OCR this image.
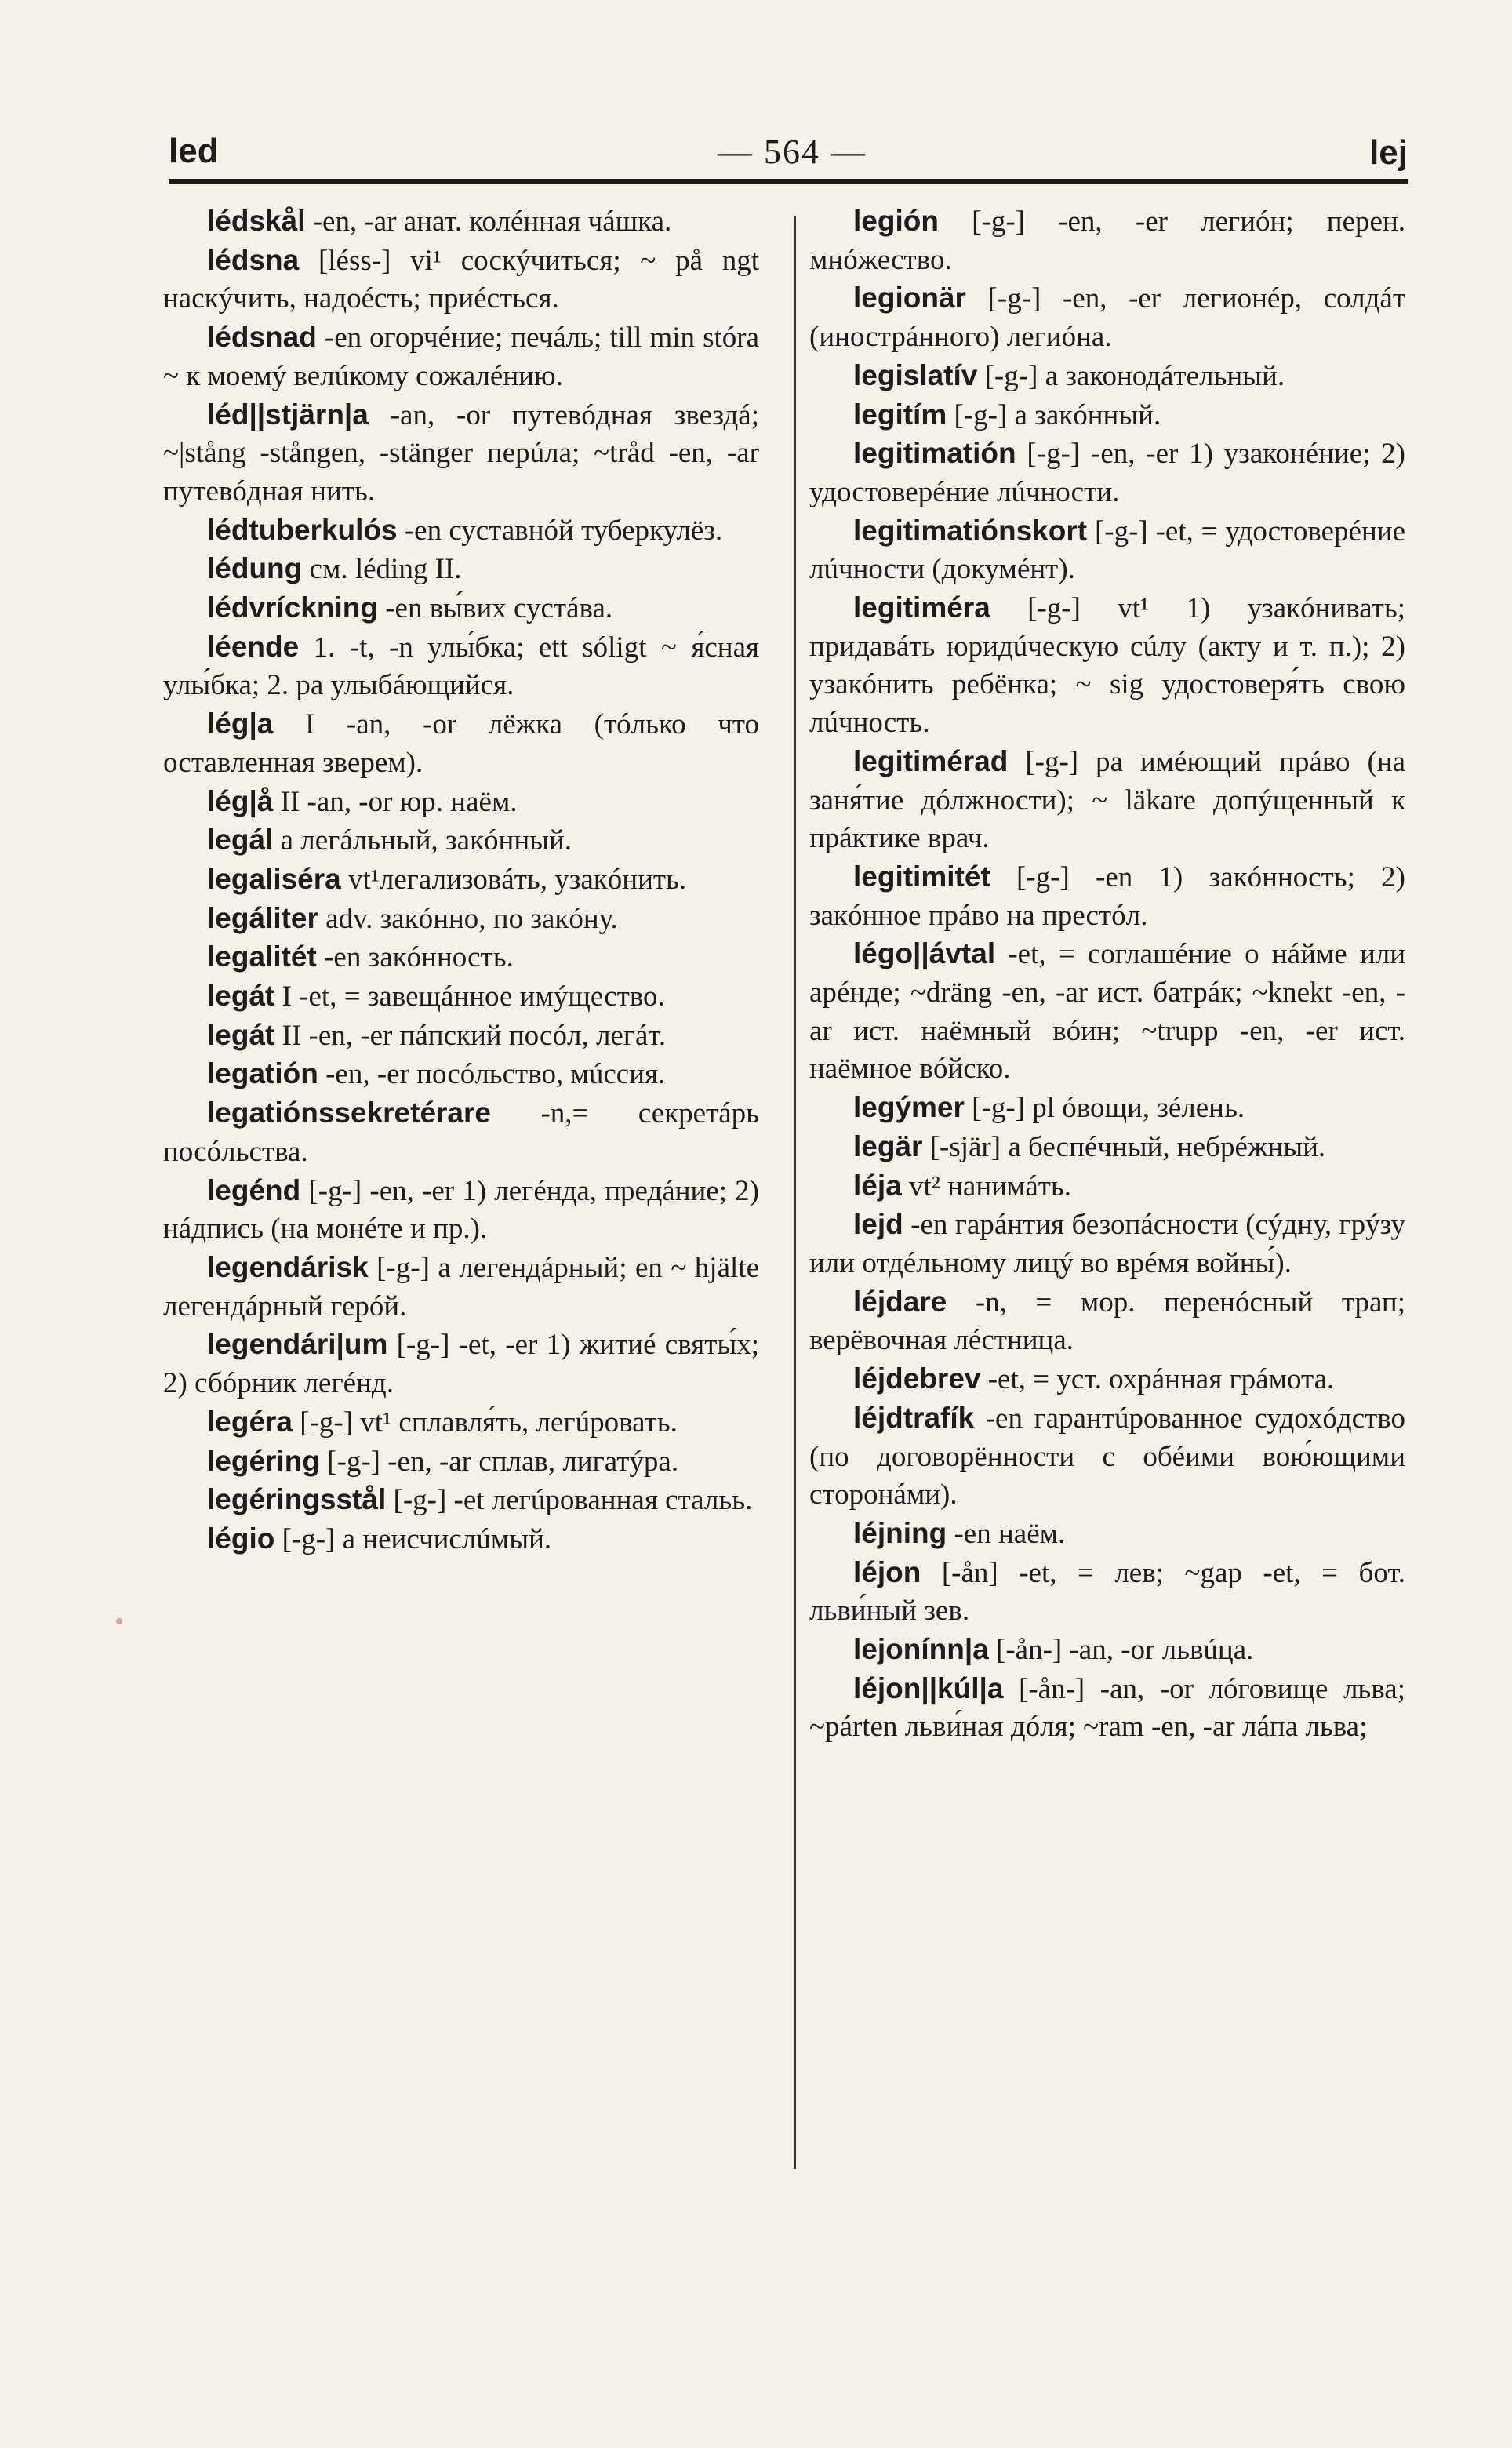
led	— 564 —	lej

lédskål -en, -ar анат. колéнная чáшка.

lédsna [léss-] vi¹ соскýчиться; ~ på ngt наскýчить, надоéсть; приéсться.

lédsnad -en огорчéние; печáль; till min stóra ~ к моемý велúкому сожалéнию.

léd||stjärn|a -an, -or путевóдная звездá; ~|stång -stången, -stänger перúла; ~tråd -en, -ar путевóдная нить.

lédtuberkulós -en суставнóй туберкулёз.

lédung см. léding II.

lédvríckning -en вы́вих сустáва.

léende 1. -t, -n улы́бка; ett sóligt ~ я́сная улы́бка; 2. pa улыбáющийся.

lég|a I -an, -or лёжка (тóлько что оставленная зверем).

lég|å II -an, -or юр. наём.

legál a легáльный, закóнный.

legaliséra vt¹легализовáть, узакóнить.

legáliter adv. закóнно, по закóну.

legalitét -en закóнность.

legát I -et, = завещáнное имýщество.

legát II -en, -er пáпский посóл, легáт.

legatión -en, -er посóльство, мúссия.

legatiónssekretérare -n,= секретáрь посóльства.

legénd [-g-] -en, -er 1) легéнда, предáние; 2) нáдпись (на монéте и пр.).

legendárisk [-g-] a легендáрный; en ~ hjälte легендáрный герóй.

legendári|um [-g-] -et, -er 1) житиé святы́х; 2) сбóрник легéнд.

legéra [-g-] vt¹ сплавля́ть, легúровать.

legéring [-g-] -en, -ar сплав, лигатýра.

legéringsstål [-g-] -et легúрованная стальь.

légio [-g-] a неисчислúмый.

legión [-g-] -en, -er легиóн; перен. мнóжество.

legionär [-g-] -en, -er легионéр, солдáт (инострáнного) легиóна.

legislatív [-g-] a законодáтельный.

legitím [-g-] a закóнный.

legitimatión [-g-] -en, -er 1) узаконéние; 2) удостоверéние лúчности.

legitimatiónskort [-g-] -et, = удостоверéние лúчности (докумéнт).

legitiméra [-g-] vt¹ 1) узакóнивать; придавáть юридúческую сúлу (акту и т. п.); 2) узакóнить ребёнка; ~ sig удостоверя́ть свою лúчность.

legitimérad [-g-] pa имéющий прáво (на заня́тие дóлжности); ~ läkare допýщенный к прáктике врач.

legitimitét [-g-] -en 1) закóнность; 2) закóнное прáво на престóл.

légo||ávtal -et, = соглашéние о нáйме или арéнде; ~dräng -en, -ar ист. батрáк; ~knekt -en, -ar ист. наёмный вóин; ~trupp -en, -er ист. наёмное вóйско.

legýmer [-g-] pl óвощи, зéлень.

legär [-sjär] a беспéчный, небрéжный.

léja vt² нанимáть.

lejd -en гарáнтия безопáсности (сýдну, грýзу или отдéльному лицý во врéмя войны́).

léjdare -n, = мор. перенóсный трап; верёвочная лéстница.

léjdebrev -et, = уст. охрáнная грáмота.

léjdtrafík -en гарантúрованное судохóдство (по договорённости с обéими вою́ющими сторонáми).

léjning -en наём.

léjon [-ån] -et, = лев; ~gap -et, = бот. льви́ный зев.

lejonínn|a [-ån-] -an, -or львúца.

léjon||kúl|a [-ån-] -an, -or лóговище льва; ~párten льви́ная дóля; ~ram -en, -ar лáпа льва;
